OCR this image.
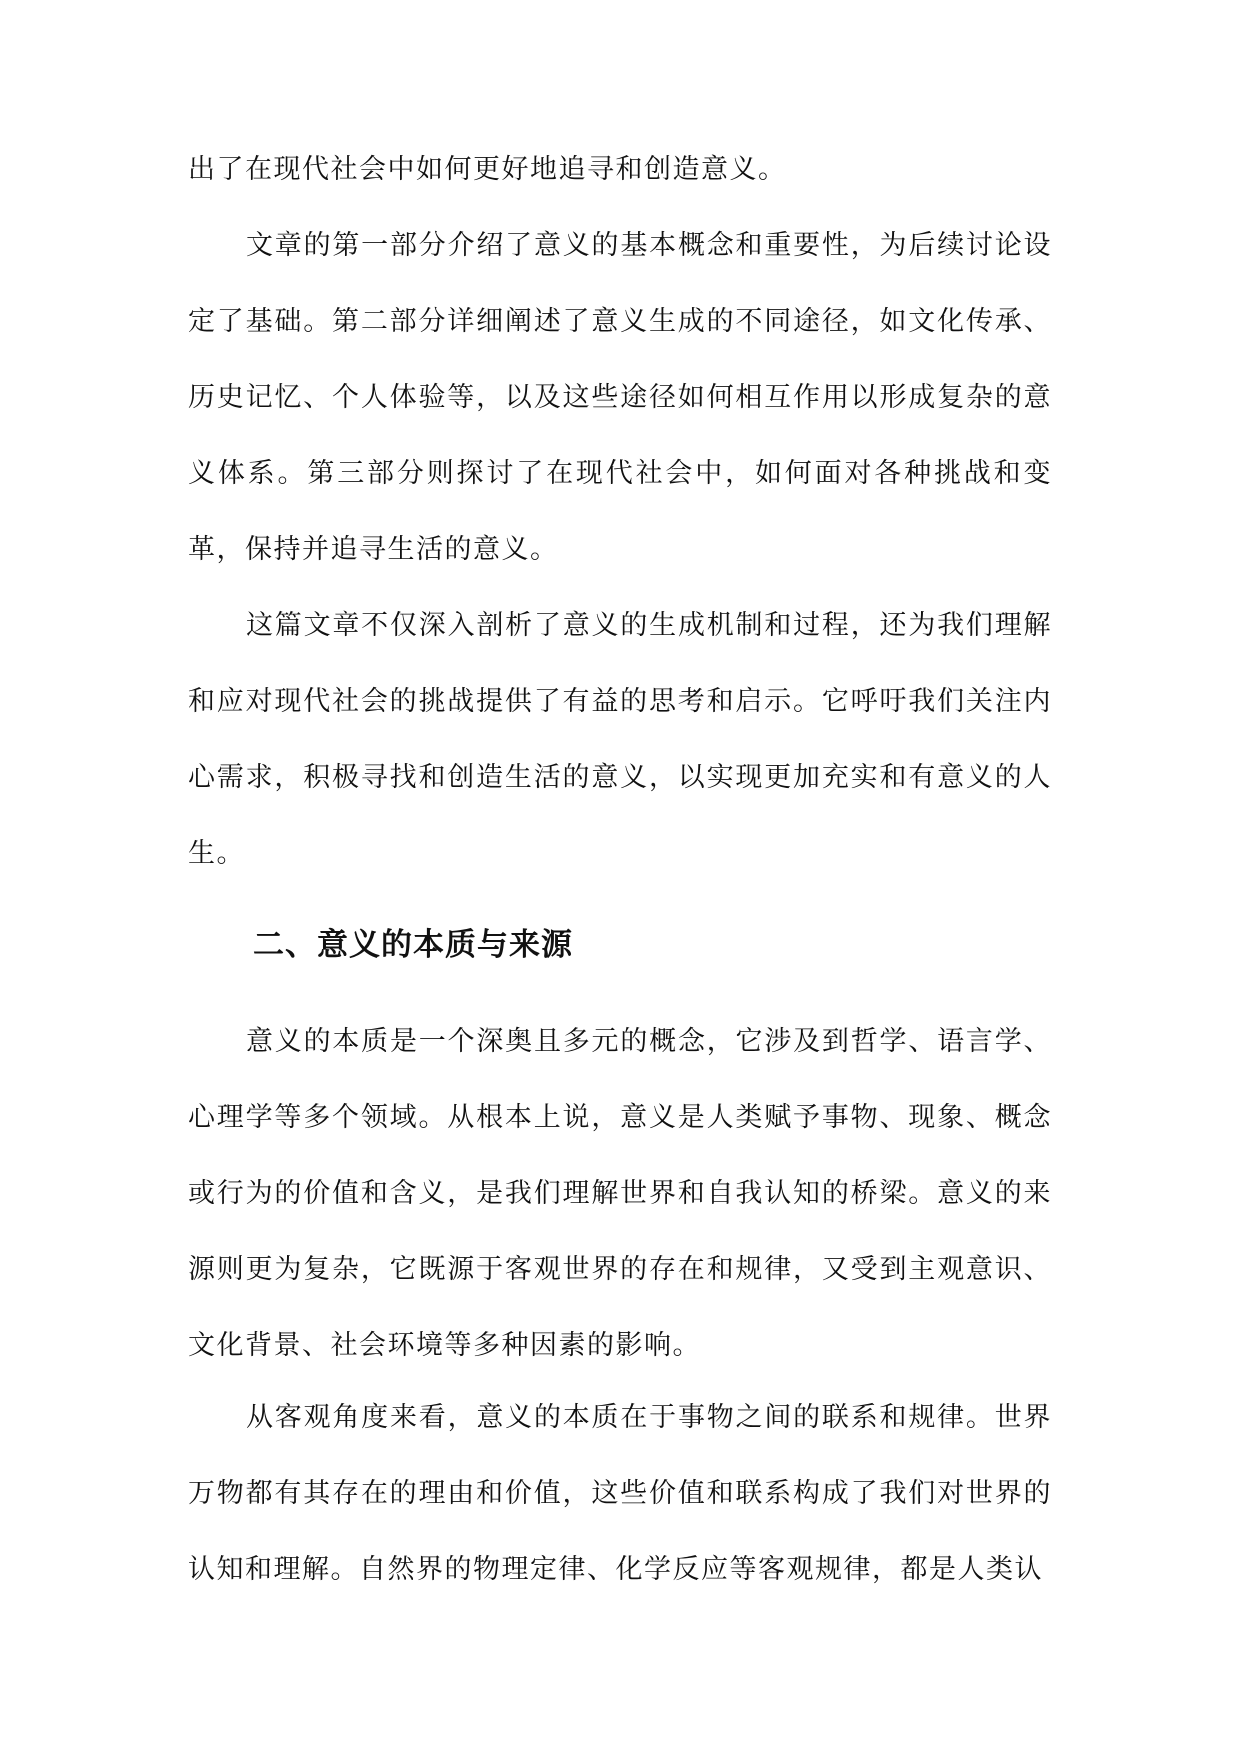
出了在现代社会中如何更好地追寻和创造意义。

文章的第一部分介绍了意义的基本概念和重要性，为后续讨论设定了基础。第二部分详细阐述了意义生成的不同途径，如文化传承、历史记忆、个人体验等，以及这些途径如何相互作用以形成复杂的意义体系。第三部分则探讨了在现代社会中，如何面对各种挑战和变革，保持并追寻生活的意义。

这篇文章不仅深入剖析了意义的生成机制和过程，还为我们理解和应对现代社会的挑战提供了有益的思考和启示。它呼吁我们关注内心需求，积极寻找和创造生活的意义，以实现更加充实和有意义的人生。

二、意义的本质与来源

意义的本质是一个深奥且多元的概念，它涉及到哲学、语言学、心理学等多个领域。从根本上说，意义是人类赋予事物、现象、概念或行为的价值和含义，是我们理解世界和自我认知的桥梁。意义的来源则更为复杂，它既源于客观世界的存在和规律，又受到主观意识、文化背景、社会环境等多种因素的影响。

从客观角度来看，意义的本质在于事物之间的联系和规律。世界万物都有其存在的理由和价值，这些价值和联系构成了我们对世界的认知和理解。自然界的物理定律、化学反应等客观规律，都是人类认
